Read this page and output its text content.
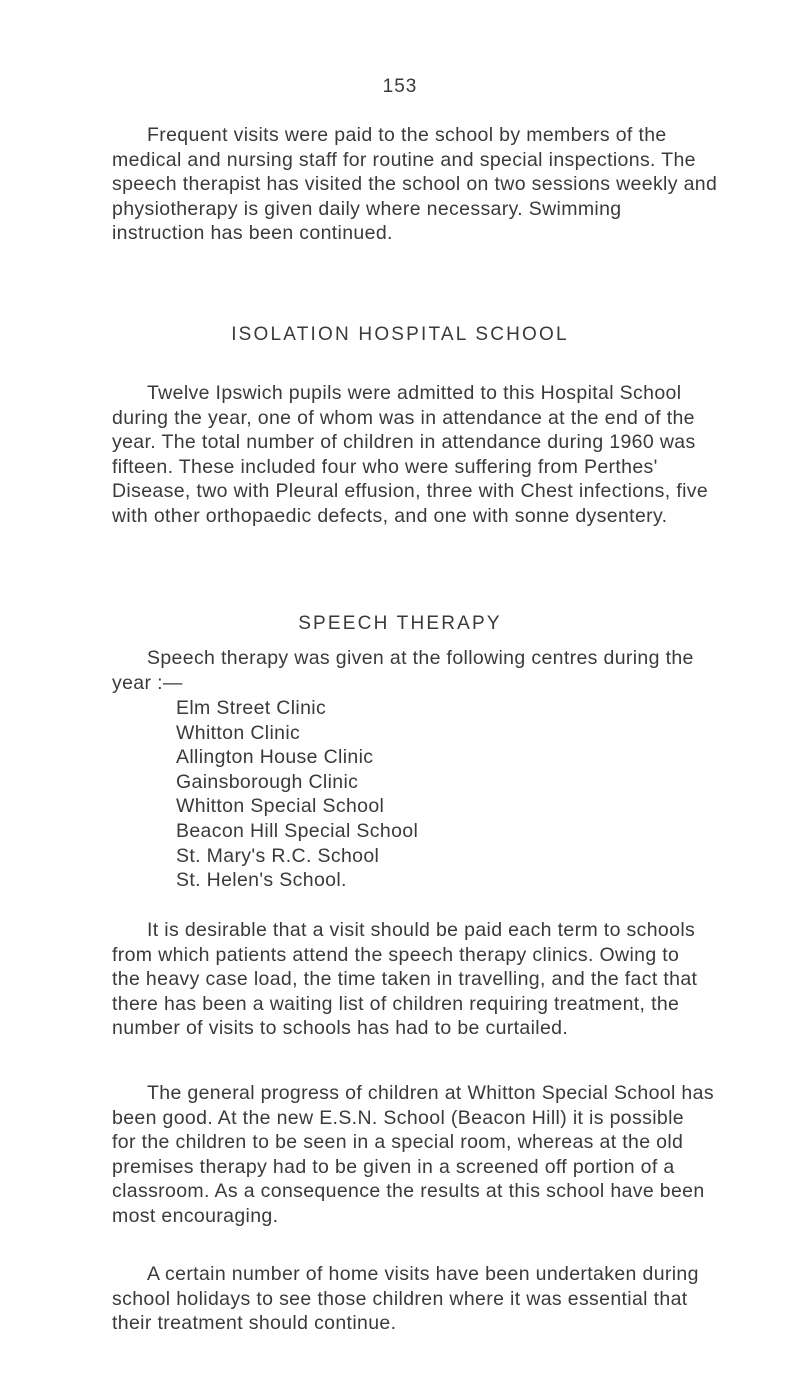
153

Frequent visits were paid to the school by members of the
medical and nursing staff for routine and special inspections. The
speech therapist has visited the school on two sessions weekly and
physiotherapy is given daily where necessary. Swimming
instruction has been continued.

ISOLATION HOSPITAL SCHOOL

Twelve Ipswich pupils were admitted to this Hospital School
during the year, one of whom was in attendance at the end of the
year. The total number of children in attendance during 1960 was
fifteen. These included four who were suffering from Perthes'
Disease, two with Pleural effusion, three with Chest infections, five
with other orthopaedic defects, and one with sonne dysentery.

SPEECH THERAPY

Speech therapy was given at the following centres during the
year :—

Elm Street Clinic
Whitton Clinic
Allington House Clinic
Gainsborough Clinic
Whitton Special School
Beacon Hill Special School
St. Mary's R.C. School
St. Helen's School.

It is desirable that a visit should be paid each term to schools
from which patients attend the speech therapy clinics. Owing to
the heavy case load, the time taken in travelling, and the fact that
there has been a waiting list of children requiring treatment, the
number of visits to schools has had to be curtailed.

The general progress of children at Whitton Special School has
been good. At the new E.S.N. School (Beacon Hill) it is possible
for the children to be seen in a special room, whereas at the old
premises therapy had to be given in a screened off portion of a
classroom. As a consequence the results at this school have been
most encouraging.

A certain number of home visits have been undertaken during
school holidays to see those children where it was essential that
their treatment should continue.
